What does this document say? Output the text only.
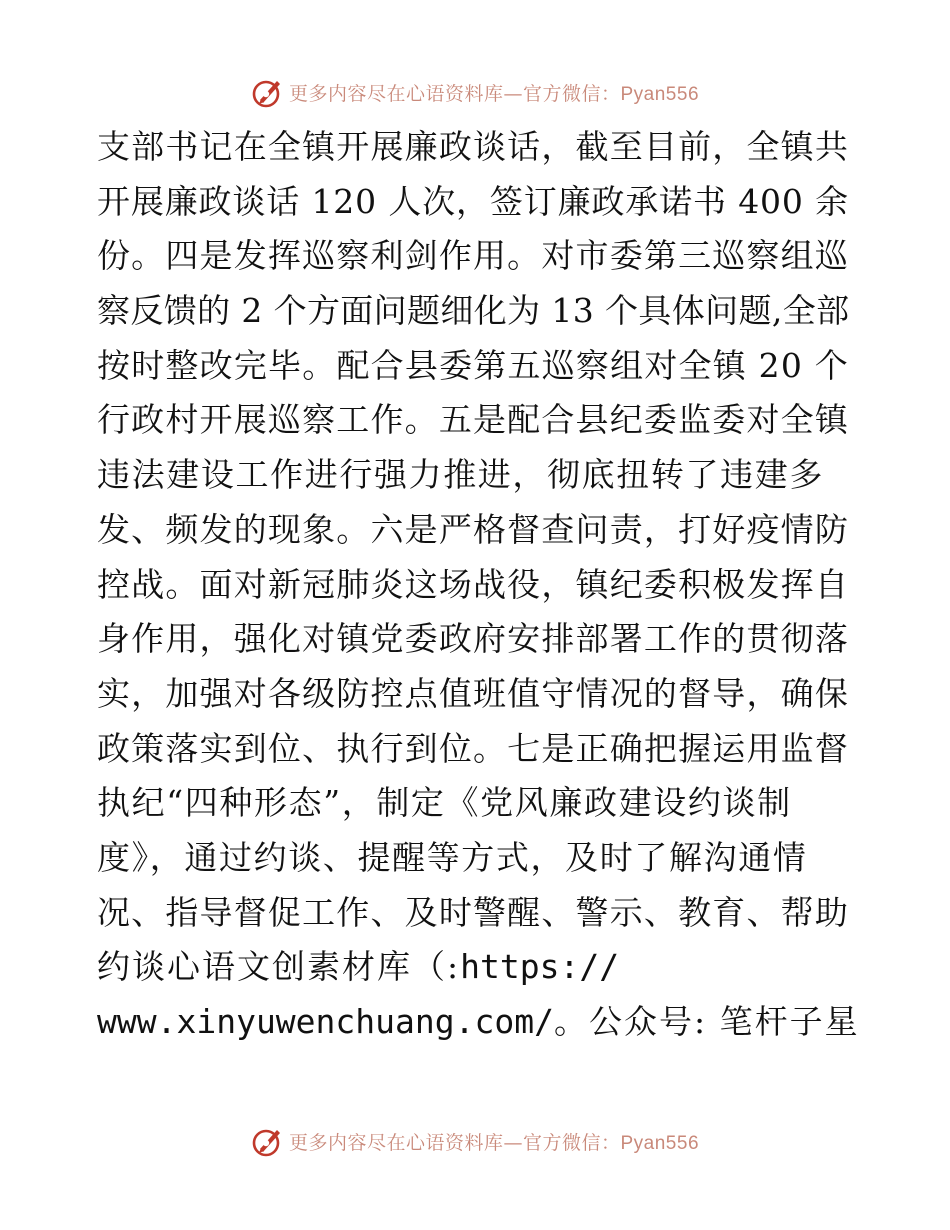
更多内容尽在心语资料库—官方微信：Pyan556
支部书记在全镇开展廉政谈话，截至目前，全镇共
开展廉政谈话 120 人次，签订廉政承诺书 400 余
份。四是发挥巡察利剑作用。对市委第三巡察组巡
察反馈的 2 个方面问题细化为 13 个具体问题,全部
按时整改完毕。配合县委第五巡察组对全镇 20 个
行政村开展巡察工作。五是配合县纪委监委对全镇
违法建设工作进行强力推进，彻底扭转了违建多
发、频发的现象。六是严格督查问责，打好疫情防
控战。面对新冠肺炎这场战役，镇纪委积极发挥自
身作用，强化对镇党委政府安排部署工作的贯彻落
实，加强对各级防控点值班值守情况的督导，确保
政策落实到位、执行到位。七是正确把握运用监督
执纪“四种形态”，制定《党风廉政建设约谈制
度》，通过约谈、提醒等方式，及时了解沟通情
况、指导督促工作、及时警醒、警示、教育、帮助
约谈心语文创素材库（: https://
www.xinyuwenchuang.com/ 。公众号: 笔杆子星
更多内容尽在心语资料库—官方微信：Pyan556
